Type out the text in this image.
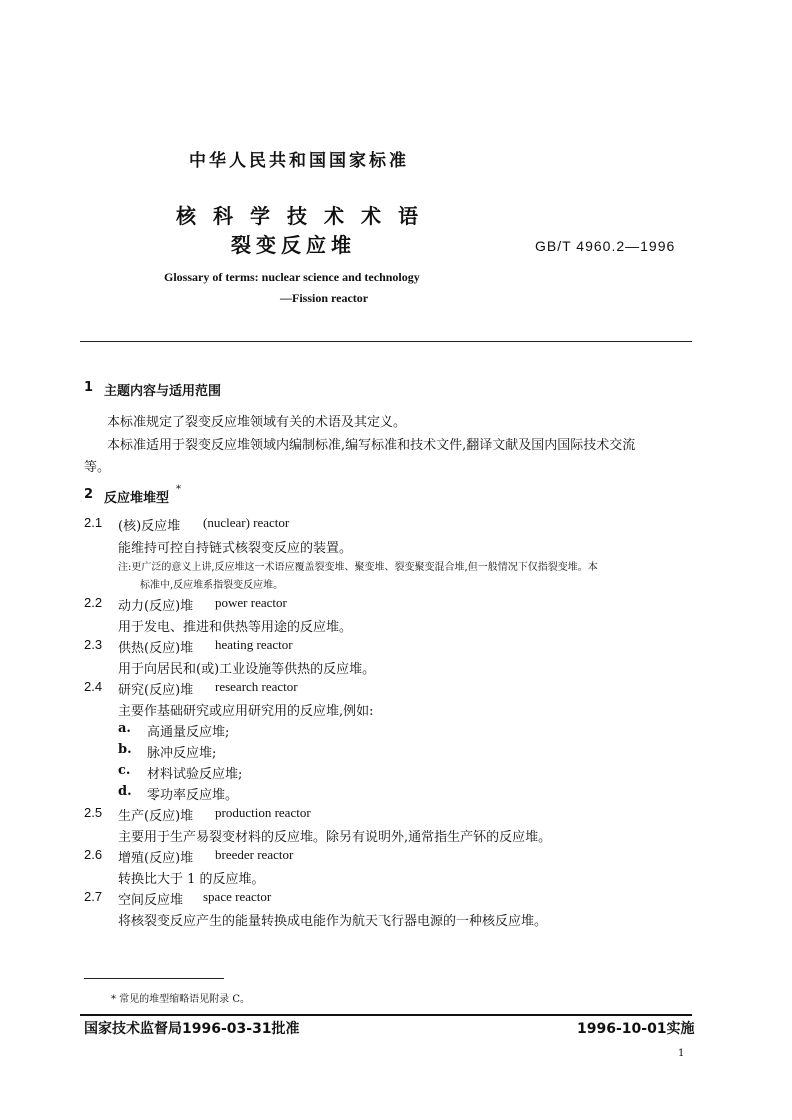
中华人民共和国国家标准
核科学技术术语
裂变反应堆	GB/T 4960.2—1996
Glossary of terms: nuclear science and technology
—Fission reactor
1 主题内容与适用范围
本标准规定了裂变反应堆领域有关的术语及其定义。
本标准适用于裂变反应堆领域内编制标准,编写标准和技术文件,翻译文献及国内国际技术交流
等。
2 反应堆堆型
*
2.1 (核)反应堆 (nuclear) reactor
能维持可控自持链式核裂变反应的装置。
注:更广泛的意义上讲,反应堆这一术语应覆盖裂变堆、聚变堆、裂变聚变混合堆,但一般情况下仅指裂变堆。本
标准中,反应堆系指裂变反应堆。
2.2 动力(反应)堆 power reactor
用于发电、推进和供热等用途的反应堆。
2.3 供热(反应)堆 heating reactor
用于向居民和(或)工业设施等供热的反应堆。
2.4 研究(反应)堆 research reactor
主要作基础研究或应用研究用的反应堆,例如:
a. 高通量反应堆;
b. 脉冲反应堆;
c. 材料试验反应堆;
d. 零功率反应堆。
2.5 生产(反应)堆 production reactor
主要用于生产易裂变材料的反应堆。除另有说明外,通常指生产钚的反应堆。
2.6 增殖(反应)堆 breeder reactor
转换比大于 1 的反应堆。
2.7 空间反应堆 space reactor
将核裂变反应产生的能量转换成电能作为航天飞行器电源的一种核反应堆。
* 常见的堆型缩略语见附录 C。
国家技术监督局1996-03-31批准	1996-10-01实施
1
